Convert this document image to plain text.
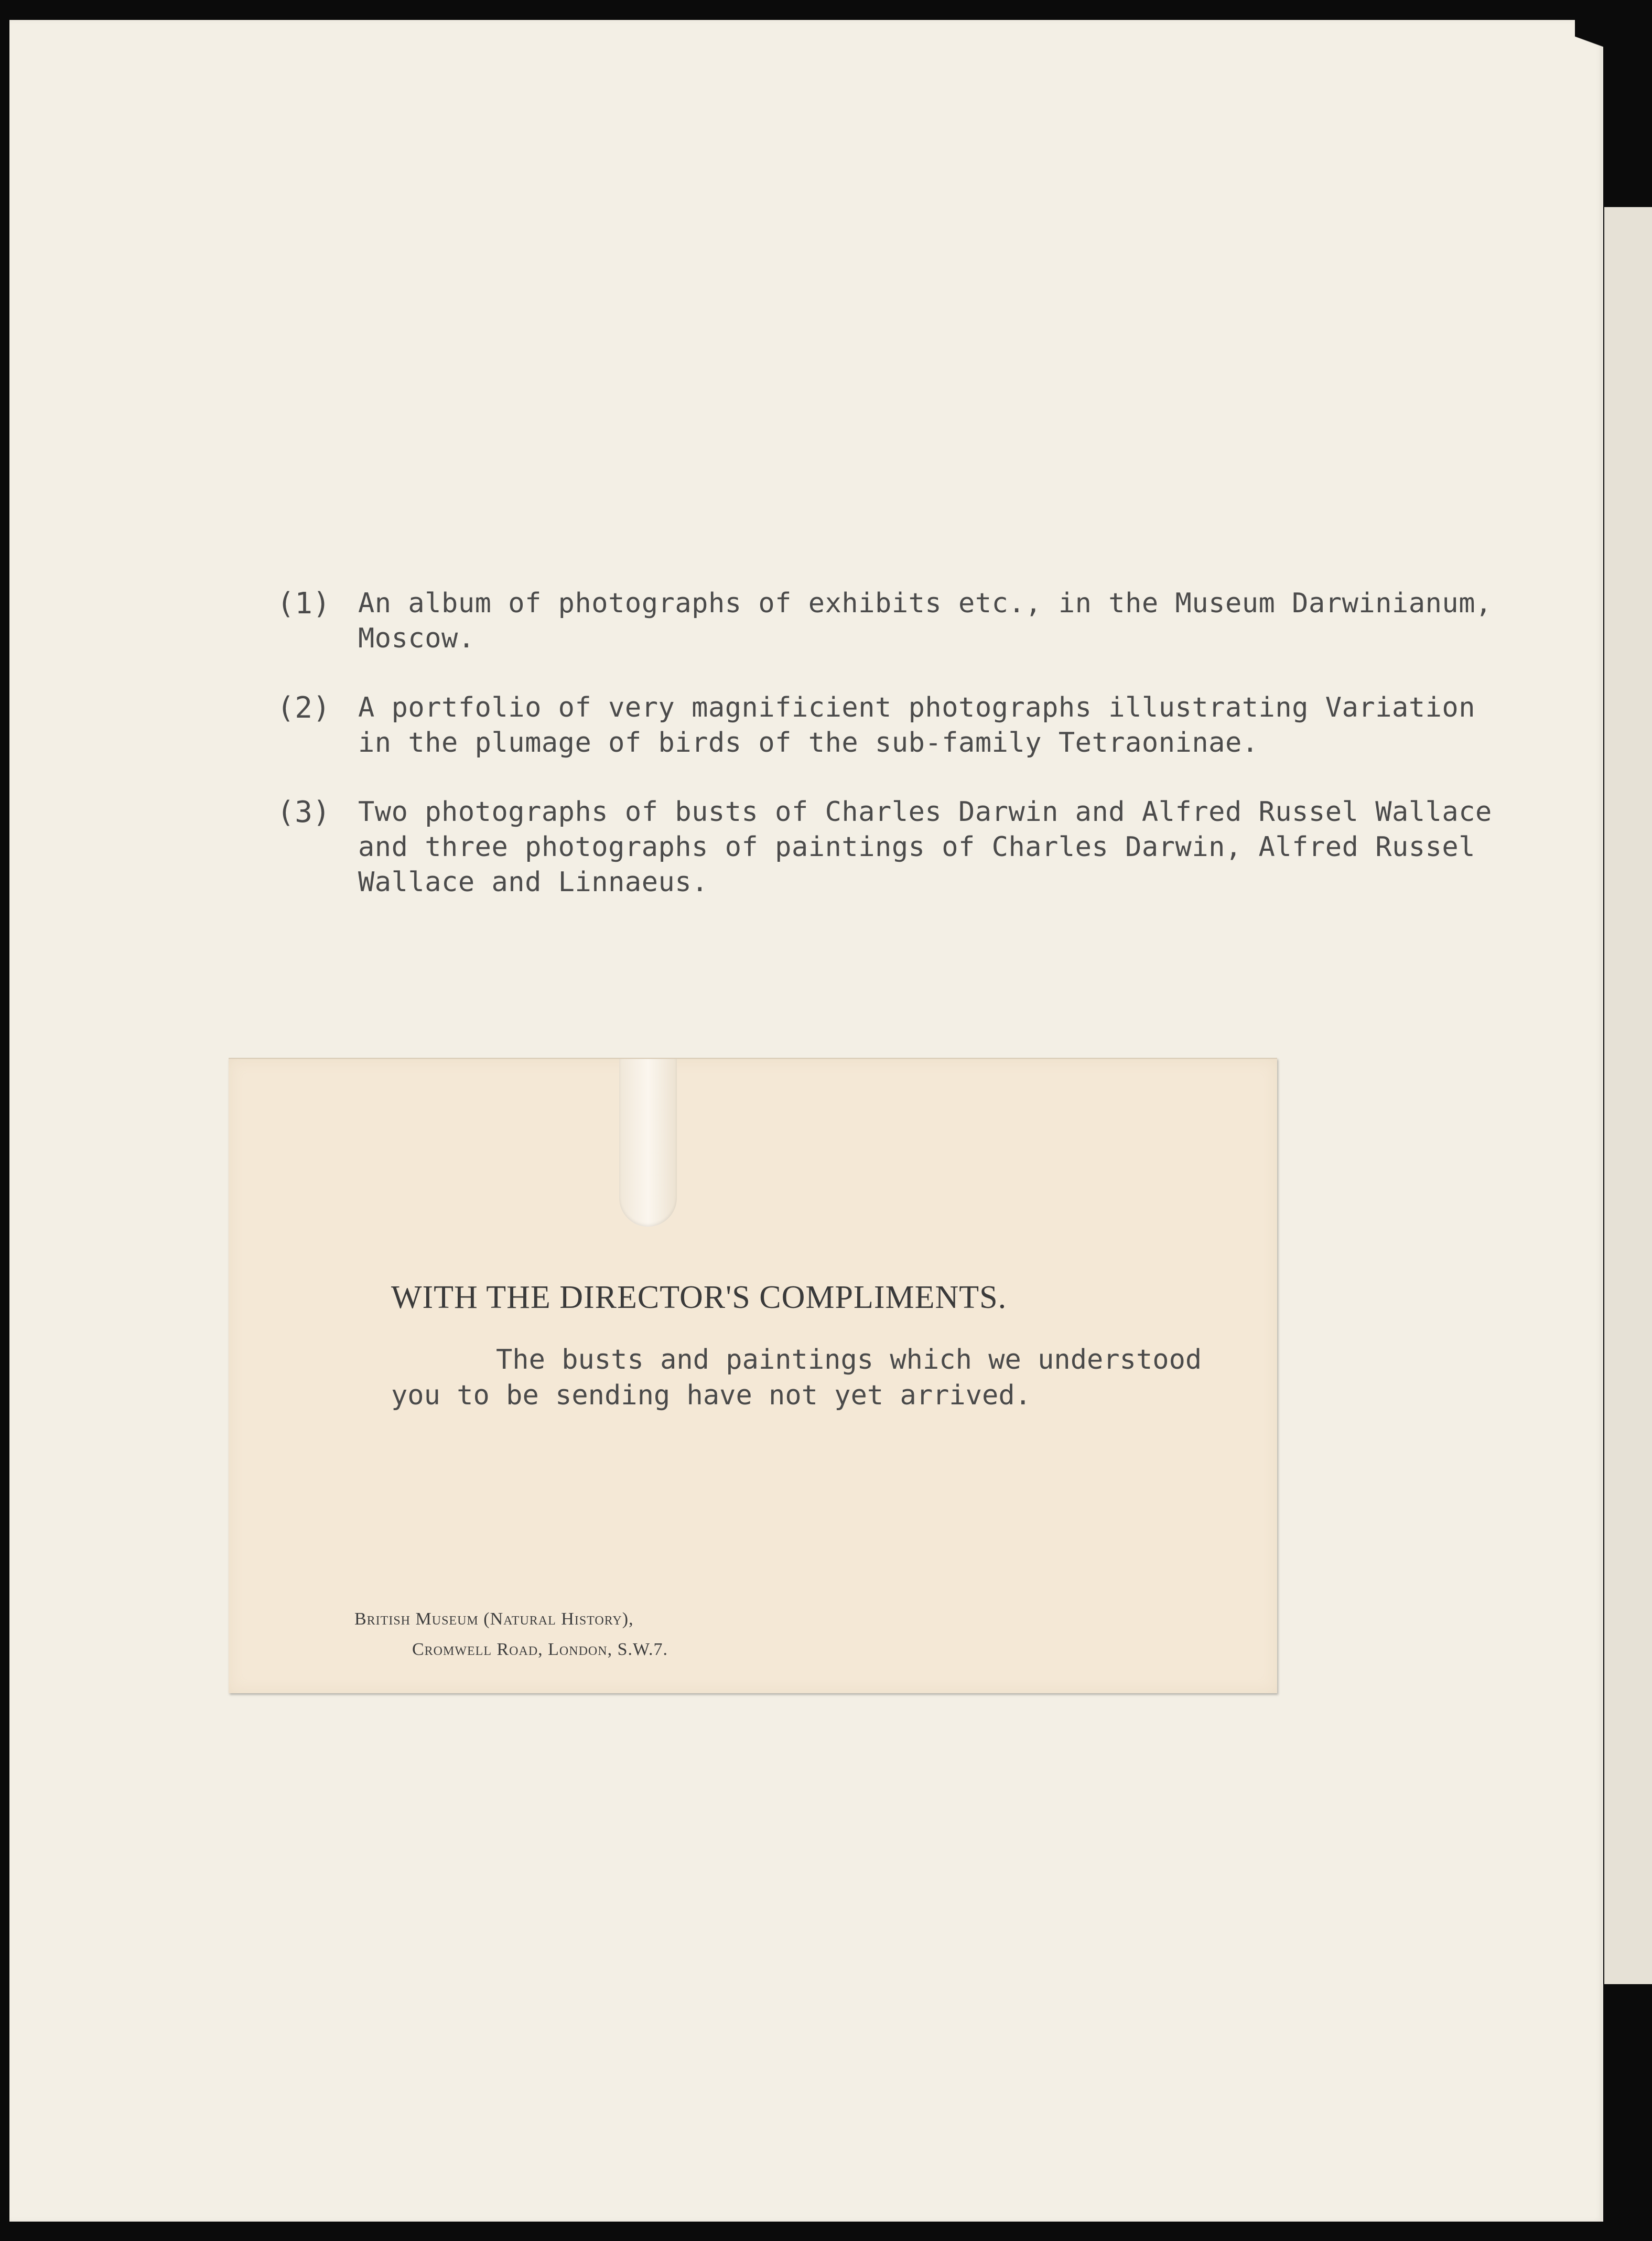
(1) An album of photographs of exhibits etc., in the Museum Darwinianum,
Moscow.
(2) A portfolio of very magnificient photographs illustrating Variation
in the plumage of birds of the sub-family Tetraoninae.
(3) Two photographs of busts of Charles Darwin and Alfred Russel Wallace
and three photographs of paintings of Charles Darwin, Alfred Russel
Wallace and Linnaeus.
WITH THE DIRECTOR'S COMPLIMENTS.
The busts and paintings which we understood
you to be sending have not yet arrived.
British Museum (Natural History),
Cromwell Road, London, S.W.7.
